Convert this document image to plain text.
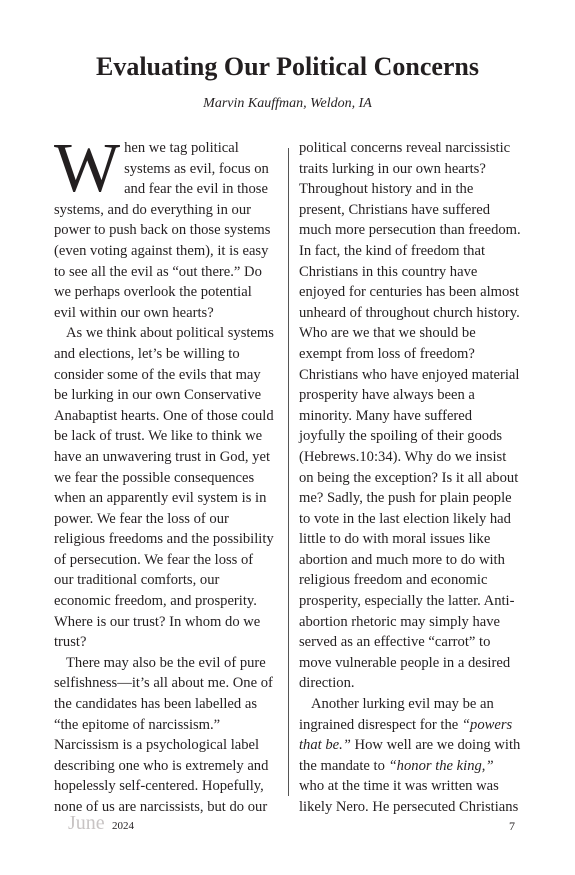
Evaluating Our Political Concerns
Marvin Kauffman, Weldon, IA

When we tag political systems as evil, focus on and fear the evil in those systems, and do everything in our power to push back on those systems (even voting against them), it is easy to see all the evil as “out there.” Do we perhaps overlook the potential evil within our own hearts?

As we think about political systems and elections, let’s be willing to consider some of the evils that may be lurking in our own Conservative Anabaptist hearts. One of those could be lack of trust. We like to think we have an unwavering trust in God, yet we fear the possible consequences when an apparently evil system is in power. We fear the loss of our religious freedoms and the possibility of persecution. We fear the loss of our traditional comforts, our economic freedom, and prosperity. Where is our trust? In whom do we trust?

There may also be the evil of pure selfishness—it’s all about me. One of the candidates has been labelled as “the epitome of narcissism.” Narcissism is a psychological label describing one who is extremely and hopelessly self-centered. Hopefully, none of us are narcissists, but do our

political concerns reveal narcissistic traits lurking in our own hearts? Throughout history and in the present, Christians have suffered much more persecution than freedom. In fact, the kind of freedom that Christians in this country have enjoyed for centuries has been almost unheard of throughout church history. Who are we that we should be exempt from loss of freedom? Christians who have enjoyed material prosperity have always been a minority. Many have suffered joyfully the spoiling of their goods (Hebrews.10:34). Why do we insist on being the exception? Is it all about me? Sadly, the push for plain people to vote in the last election likely had little to do with moral issues like abortion and much more to do with religious freedom and economic prosperity, especially the latter. Anti-abortion rhetoric may simply have served as an effective “carrot” to move vulnerable people in a desired direction.

Another lurking evil may be an ingrained disrespect for the “powers that be.” How well are we doing with the mandate to “honor the king,” who at the time it was written was likely Nero. He persecuted Christians

June 2024	7
